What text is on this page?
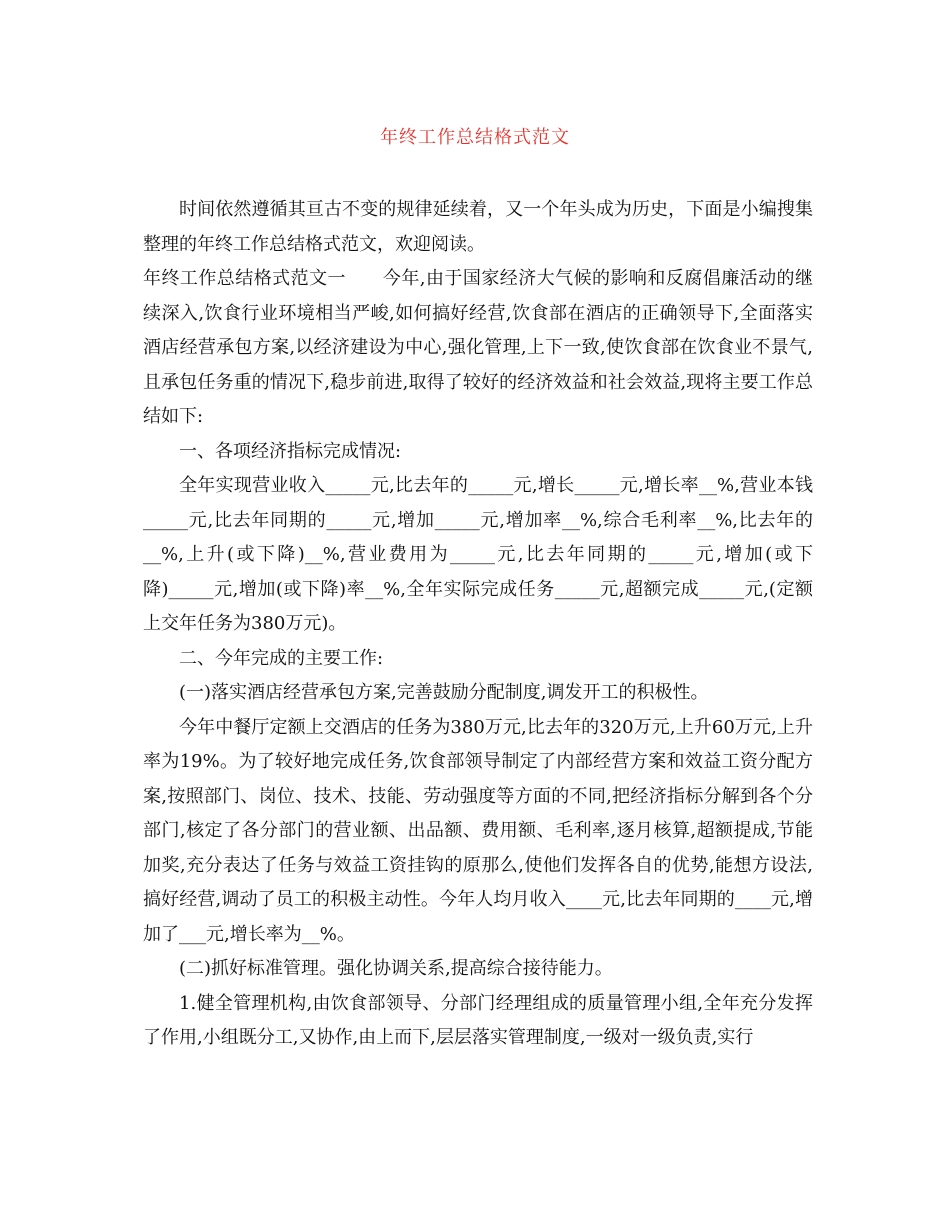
年终工作总结格式范文

时间依然遵循其亘古不变的规律延续着，又一个年头成为历史，下面是小编搜集整理的年终工作总结格式范文，欢迎阅读。

年终工作总结格式范文一　　今年,由于国家经济大气候的影响和反腐倡廉活动的继续深入,饮食行业环境相当严峻,如何搞好经营,饮食部在酒店的正确领导下,全面落实酒店经营承包方案,以经济建设为中心,强化管理,上下一致,使饮食部在饮食业不景气,且承包任务重的情况下,稳步前进,取得了较好的经济效益和社会效益,现将主要工作总结如下:

一、各项经济指标完成情况:

全年实现营业收入_____元,比去年的_____元,增长_____元,增长率__%,营业本钱_____元,比去年同期的_____元,增加_____元,增加率__%,综合毛利率__%,比去年的__%,上升(或下降)__%,营业费用为_____元,比去年同期的_____元,增加(或下降)_____元,增加(或下降)率__%,全年实际完成任务_____元,超额完成_____元,(定额上交年任务为380万元)。

二、今年完成的主要工作:

(一)落实酒店经营承包方案,完善鼓励分配制度,调发开工的积极性。

今年中餐厅定额上交酒店的任务为380万元,比去年的320万元,上升60万元,上升率为19%。为了较好地完成任务,饮食部领导制定了内部经营方案和效益工资分配方案,按照部门、岗位、技术、技能、劳动强度等方面的不同,把经济指标分解到各个分部门,核定了各分部门的营业额、出品额、费用额、毛利率,逐月核算,超额提成,节能加奖,充分表达了任务与效益工资挂钩的原那么,使他们发挥各自的优势,能想方设法,搞好经营,调动了员工的积极主动性。今年人均月收入____元,比去年同期的____元,增加了___元,增长率为__%。

(二)抓好标准管理。强化协调关系,提高综合接待能力。

1.健全管理机构,由饮食部领导、分部门经理组成的质量管理小组,全年充分发挥了作用,小组既分工,又协作,由上而下,层层落实管理制度,一级对一级负责,实行
